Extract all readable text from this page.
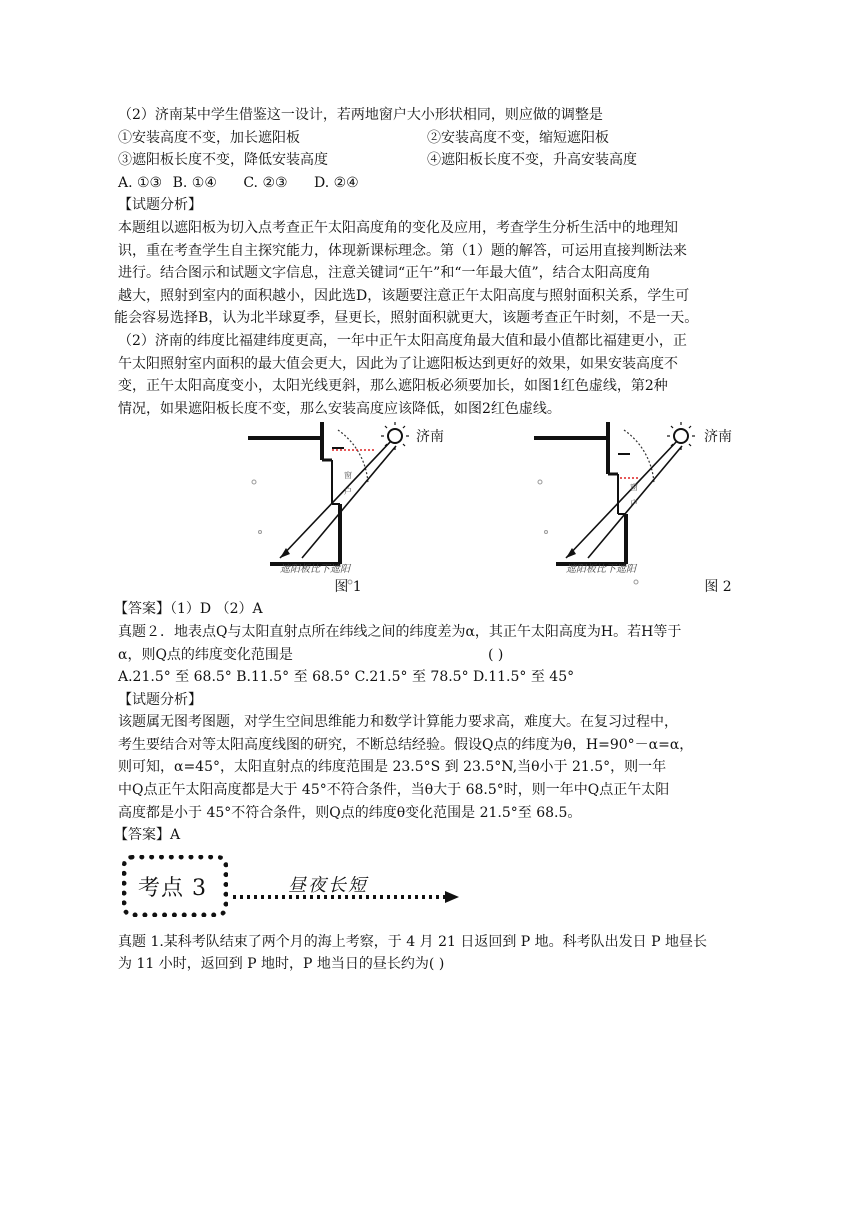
（2）济南某中学生借鉴这一设计，若两地窗户大小形状相同，则应做的调整是
①安装高度不变，加长遮阳板	②安装高度不变，缩短遮阳板
③遮阳板长度不变，降低安装高度	④遮阳板长度不变，升高安装高度
A. ①③ B. ①④ C. ②③ D. ②④
【试题分析】
本题组以遮阳板为切入点考查正午太阳高度角的变化及应用，考查学生分析生活中的地理知
识，重在考查学生自主探究能力，体现新课标理念。第（1）题的解答，可运用直接判断法来
进行。结合图示和试题文字信息，注意关键词“正午”和“一年最大值”，结合太阳高度角
越大，照射到室内的面积越小，因此选D，该题要注意正午太阳高度与照射面积关系，学生可
能会容易选择B，认为北半球夏季，昼更长，照射面积就更大，该题考查正午时刻，不是一天。
（2）济南的纬度比福建纬度更高，一年中正午太阳高度角最大值和最小值都比福建更小，正
午太阳照射室内面积的最大值会更大，因此为了让遮阳板达到更好的效果，如果安装高度不
变，正午太阳高度变小，太阳光线更斜，那么遮阳板必须要加长，如图1红色虚线，第2种
情况，如果遮阳板长度不变，那么安装高度应该降低，如图2红色虚线。
窗
户
遮阳板比下遮阳
济南
图 1
窗
户
遮阳板比下遮阳
济南
图 2
【答案】（1）D （2）A
真题２．地表点Q与太阳直射点所在纬线之间的纬度差为α，其正午太阳高度为H。若H等于
α，则Q点的纬度变化范围是	( )
A.21.5° 至 68.5° B.11.5° 至 68.5° C.21.5° 至 78.5° D.11.5° 至 45°
【试题分析】
该题属无图考图题，对学生空间思维能力和数学计算能力要求高，难度大。在复习过程中，
考生要结合对等太阳高度线图的研究，不断总结经验。假设Q点的纬度为θ，H=90°－α=α，
则可知，α=45°，太阳直射点的纬度范围是 23.5°S 到 23.5°N,当θ小于 21.5°，则一年
中Q点正午太阳高度都是大于 45°不符合条件，当θ大于 68.5°时，则一年中Q点正午太阳
高度都是小于 45°不符合条件，则Q点的纬度θ变化范围是 21.5°至 68.5。
【答案】A
考点 3	昼夜长短
真题 1.某科考队结束了两个月的海上考察，于 4 月 21 日返回到 P 地。科考队出发日 P 地昼长
为 11 小时，返回到 P 地时，P 地当日的昼长约为( )
